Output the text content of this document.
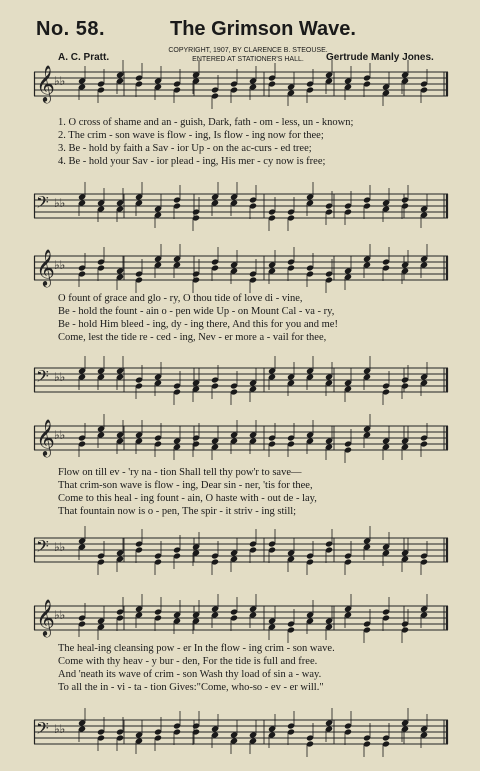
No. 58.	The Grimson Wave.
A. C. Pratt.
COPYRIGHT, 1907, BY CLARENCE B. STEOUSE.
ENTERED AT STATIONER'S HALL.	Gertrude Manly Jones.
𝄞 ♭♭
1. O cross of shame and an - guish, Dark, fath - om - less, un - known;
2. The crim - son wave is flow - ing, Is flow - ing now for thee;
3. Be - hold by faith a Sav - ior Up - on the ac-curs - ed tree;
4. Be - hold your Sav - ior plead - ing, His mer - cy now is free;
𝄢 ♭♭
𝄞 ♭♭
O fount of grace and glo - ry, O thou tide of love di - vine,
Be - hold the fount - ain o - pen wide Up - on Mount Cal - va - ry,
Be - hold Him bleed - ing, dy - ing there, And this for you and me!
Come, lest the tide re - ced - ing, Nev - er more a - vail for thee,
𝄢 ♭♭
𝄞 ♭♭
Flow on till ev - 'ry na - tion Shall tell thy pow'r to save—
That crim-son wave is flow - ing, Dear sin - ner, 'tis for thee,
Come to this heal - ing fount - ain, O haste with - out de - lay,
That fountain now is o - pen, The spir - it striv - ing still;
𝄢 ♭♭
𝄞 ♭♭
The heal-ing cleansing pow - er In the flow - ing crim - son wave.
Come with thy heav - y bur - den, For the tide is full and free.
And 'neath its wave of crim - son Wash thy load of sin a - way.
To all the in - vi - ta - tion Gives:"Come, who-so - ev - er will."
𝄢 ♭♭
